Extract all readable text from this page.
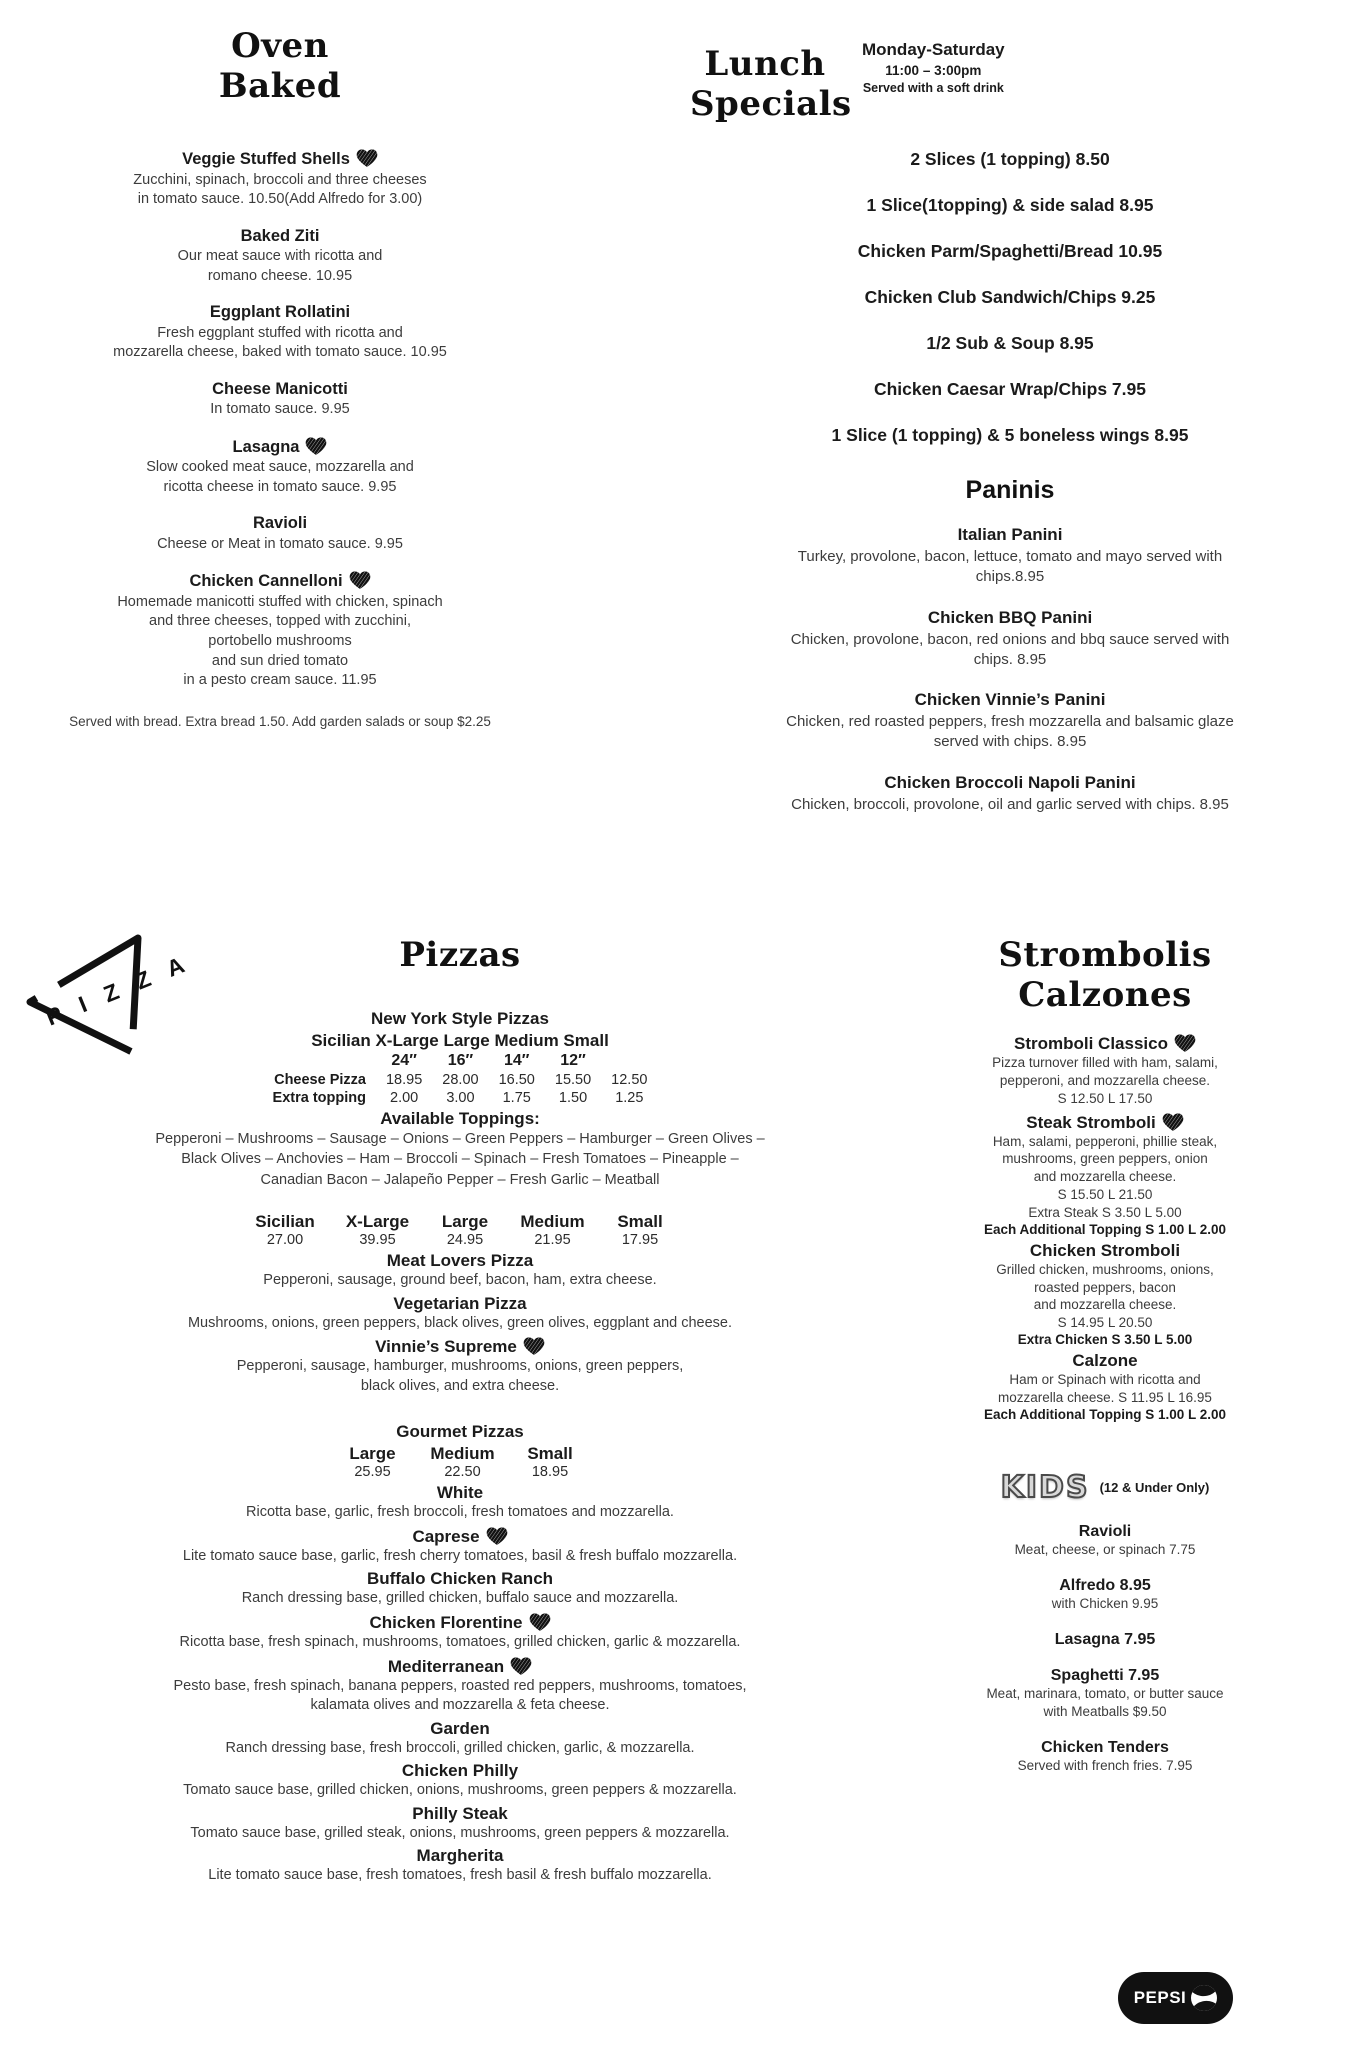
Oven
Baked
Veggie Stuffed Shells
Zucchini, spinach, broccoli and three cheeses
in tomato sauce. 10.50(Add Alfredo for 3.00)
Baked Ziti
Our meat sauce with ricotta and
romano cheese. 10.95
Eggplant Rollatini
Fresh eggplant stuffed with ricotta and
mozzarella cheese, baked with tomato sauce. 10.95
Cheese Manicotti
In tomato sauce. 9.95
Lasagna
Slow cooked meat sauce, mozzarella and
ricotta cheese in tomato sauce. 9.95
Ravioli
Cheese or Meat in tomato sauce. 9.95
Chicken Cannelloni
Homemade manicotti stuffed with chicken, spinach
and three cheeses, topped with zucchini,
portobello mushrooms
and sun dried tomato
in a pesto cream sauce. 11.95
Served with bread. Extra bread 1.50. Add garden salads or soup $2.25
Lunch
Specials
Monday-Saturday
11:00 – 3:00pm
Served with a soft drink
2 Slices (1 topping) 8.50
1 Slice(1topping) & side salad 8.95
Chicken Parm/Spaghetti/Bread 10.95
Chicken Club Sandwich/Chips 9.25
1/2 Sub & Soup 8.95
Chicken Caesar Wrap/Chips 7.95
1 Slice (1 topping) & 5 boneless wings 8.95
Paninis
Italian Panini
Turkey, provolone, bacon, lettuce, tomato and mayo served with
chips.8.95
Chicken BBQ Panini
Chicken, provolone, bacon, red onions and bbq sauce served with
chips. 8.95
Chicken Vinnie’s Panini
Chicken, red roasted peppers, fresh mozzarella and balsamic glaze
served with chips. 8.95
Chicken Broccoli Napoli Panini
Chicken, broccoli, provolone, oil and garlic served with chips. 8.95
P I Z Z A	Pizzas
New York Style Pizzas
Sicilian X-Large Large Medium Small
	24″	16″	14″	12″	
Cheese Pizza	18.95	28.00	16.50	15.50	12.50
Extra topping	2.00	3.00	1.75	1.50	1.25
Available Toppings:
Pepperoni – Mushrooms – Sausage – Onions – Green Peppers – Hamburger – Green Olives –
Black Olives – Anchovies – Ham – Broccoli – Spinach – Fresh Tomatoes – Pineapple –
Canadian Bacon – Jalapeño Pepper – Fresh Garlic – Meatball
Sicilian X-Large Large Medium Small
27.00	39.95	24.95	21.95	17.95
Meat Lovers Pizza
Pepperoni, sausage, ground beef, bacon, ham, extra cheese.
Vegetarian Pizza
Mushrooms, onions, green peppers, black olives, green olives, eggplant and cheese.
Vinnie’s Supreme
Pepperoni, sausage, hamburger, mushrooms, onions, green peppers,
black olives, and extra cheese.
Gourmet Pizzas
Large Medium Small
25.95	22.50	18.95
White
Ricotta base, garlic, fresh broccoli, fresh tomatoes and mozzarella.
Caprese
Lite tomato sauce base, garlic, fresh cherry tomatoes, basil & fresh buffalo mozzarella.
Buffalo Chicken Ranch
Ranch dressing base, grilled chicken, buffalo sauce and mozzarella.
Chicken Florentine
Ricotta base, fresh spinach, mushrooms, tomatoes, grilled chicken, garlic & mozzarella.
Mediterranean
Pesto base, fresh spinach, banana peppers, roasted red peppers, mushrooms, tomatoes,
kalamata olives and mozzarella & feta cheese.
Garden
Ranch dressing base, fresh broccoli, grilled chicken, garlic, & mozzarella.
Chicken Philly
Tomato sauce base, grilled chicken, onions, mushrooms, green peppers & mozzarella.
Philly Steak
Tomato sauce base, grilled steak, onions, mushrooms, green peppers & mozzarella.
Margherita
Lite tomato sauce base, fresh tomatoes, fresh basil & fresh buffalo mozzarella.
Strombolis
Calzones
Stromboli Classico
Pizza turnover filled with ham, salami,
pepperoni, and mozzarella cheese.
S 12.50 L 17.50
Steak Stromboli
Ham, salami, pepperoni, phillie steak,
mushrooms, green peppers, onion
and mozzarella cheese.
S 15.50 L 21.50
Extra Steak S 3.50 L 5.00
Each Additional Topping S 1.00 L 2.00
Chicken Stromboli
Grilled chicken, mushrooms, onions,
roasted peppers, bacon
and mozzarella cheese.
S 14.95 L 20.50
Extra Chicken S 3.50 L 5.00
Calzone
Ham or Spinach with ricotta and
mozzarella cheese. S 11.95 L 16.95
Each Additional Topping S 1.00 L 2.00
KIDS (12 & Under Only)
Ravioli
Meat, cheese, or spinach 7.75
Alfredo 8.95
with Chicken 9.95
Lasagna 7.95
Spaghetti 7.95
Meat, marinara, tomato, or butter sauce
with Meatballs $9.50
Chicken Tenders
Served with french fries. 7.95
PEPSI
